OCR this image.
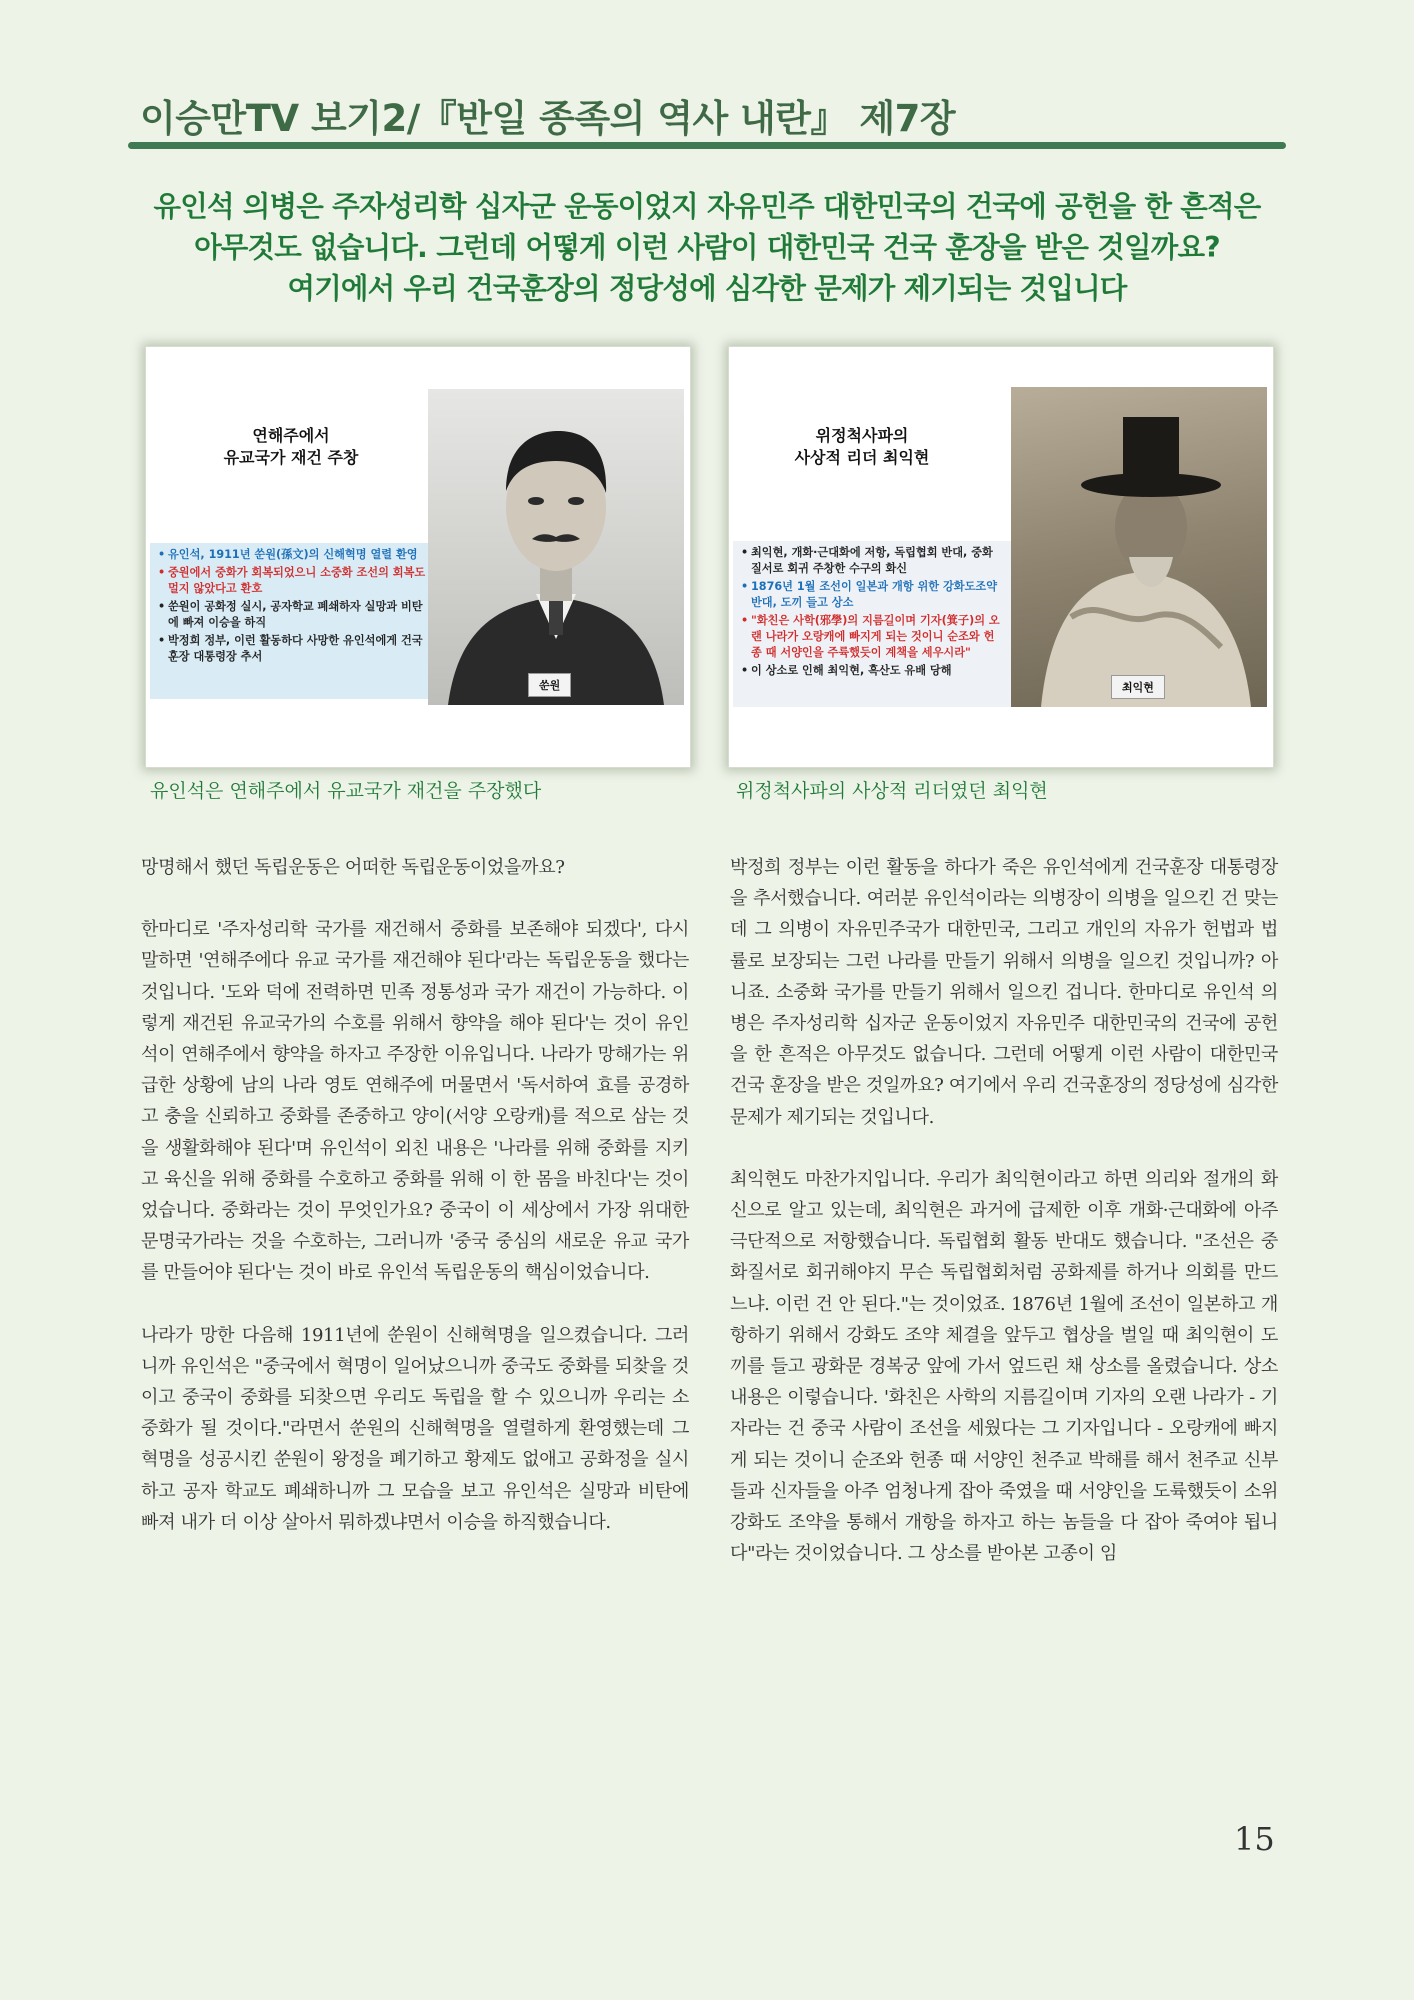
이승만TV 보기2/『반일 종족의 역사 내란』 제7장
유인석 의병은 주자성리학 십자군 운동이었지 자유민주 대한민국의 건국에 공헌을 한 흔적은
아무것도 없습니다. 그런데 어떻게 이런 사람이 대한민국 건국 훈장을 받은 것일까요?
여기에서 우리 건국훈장의 정당성에 심각한 문제가 제기되는 것입니다
연해주에서
유교국가 재건 주창
• 유인석, 1911년 쑨원(孫文)의 신해혁명 열렬 환영
• 중원에서 중화가 회복되었으니 소중화 조선의 회복도 멀지 않았다고 환호
• 쑨원이 공화정 실시, 공자학교 폐쇄하자 실망과 비탄에 빠져 이승을 하직
• 박정희 정부, 이런 활동하다 사망한 유인석에게 건국훈장 대통령장 추서
쑨원
위정척사파의
사상적 리더 최익현
• 최익현, 개화·근대화에 저항, 독립협회 반대, 중화 질서로 회귀 주창한 수구의 화신
• 1876년 1월 조선이 일본과 개항 위한 강화도조약 반대, 도끼 들고 상소
• "화친은 사학(邪學)의 지름길이며 기자(箕子)의 오랜 나라가 오랑캐에 빠지게 되는 것이니 순조와 헌종 때 서양인을 주륙했듯이 계책을 세우시라"
• 이 상소로 인해 최익현, 흑산도 유배 당해
최익현
유인석은 연해주에서 유교국가 재건을 주장했다	위정척사파의 사상적 리더였던 최익현

망명해서 했던 독립운동은 어떠한 독립운동이었을까요?

한마디로 '주자성리학 국가를 재건해서 중화를 보존해야 되겠다', 다시 말하면 '연해주에다 유교 국가를 재건해야 된다'라는 독립운동을 했다는 것입니다. '도와 덕에 전력하면 민족 정통성과 국가 재건이 가능하다. 이렇게 재건된 유교국가의 수호를 위해서 향약을 해야 된다'는 것이 유인석이 연해주에서 향약을 하자고 주장한 이유입니다. 나라가 망해가는 위급한 상황에 남의 나라 영토 연해주에 머물면서 '독서하여 효를 공경하고 충을 신뢰하고 중화를 존중하고 양이(서양 오랑캐)를 적으로 삼는 것을 생활화해야 된다'며 유인석이 외친 내용은 '나라를 위해 중화를 지키고 육신을 위해 중화를 수호하고 중화를 위해 이 한 몸을 바친다'는 것이었습니다. 중화라는 것이 무엇인가요? 중국이 이 세상에서 가장 위대한 문명국가라는 것을 수호하는, 그러니까 '중국 중심의 새로운 유교 국가를 만들어야 된다'는 것이 바로 유인석 독립운동의 핵심이었습니다.

나라가 망한 다음해 1911년에 쑨원이 신해혁명을 일으켰습니다. 그러니까 유인석은 "중국에서 혁명이 일어났으니까 중국도 중화를 되찾을 것이고 중국이 중화를 되찾으면 우리도 독립을 할 수 있으니까 우리는 소중화가 될 것이다."라면서 쑨원의 신해혁명을 열렬하게 환영했는데 그 혁명을 성공시킨 쑨원이 왕정을 폐기하고 황제도 없애고 공화정을 실시하고 공자 학교도 폐쇄하니까 그 모습을 보고 유인석은 실망과 비탄에 빠져 내가 더 이상 살아서 뭐하겠냐면서 이승을 하직했습니다.

박정희 정부는 이런 활동을 하다가 죽은 유인석에게 건국훈장 대통령장을 추서했습니다. 여러분 유인석이라는 의병장이 의병을 일으킨 건 맞는데 그 의병이 자유민주국가 대한민국, 그리고 개인의 자유가 헌법과 법률로 보장되는 그런 나라를 만들기 위해서 의병을 일으킨 것입니까? 아니죠. 소중화 국가를 만들기 위해서 일으킨 겁니다. 한마디로 유인석 의병은 주자성리학 십자군 운동이었지 자유민주 대한민국의 건국에 공헌을 한 흔적은 아무것도 없습니다. 그런데 어떻게 이런 사람이 대한민국 건국 훈장을 받은 것일까요? 여기에서 우리 건국훈장의 정당성에 심각한 문제가 제기되는 것입니다.

최익현도 마찬가지입니다. 우리가 최익현이라고 하면 의리와 절개의 화신으로 알고 있는데, 최익현은 과거에 급제한 이후 개화·근대화에 아주 극단적으로 저항했습니다. 독립협회 활동 반대도 했습니다. "조선은 중화질서로 회귀해야지 무슨 독립협회처럼 공화제를 하거나 의회를 만드느냐. 이런 건 안 된다."는 것이었죠. 1876년 1월에 조선이 일본하고 개항하기 위해서 강화도 조약 체결을 앞두고 협상을 벌일 때 최익현이 도끼를 들고 광화문 경복궁 앞에 가서 엎드린 채 상소를 올렸습니다. 상소 내용은 이렇습니다. '화친은 사학의 지름길이며 기자의 오랜 나라가 - 기자라는 건 중국 사람이 조선을 세웠다는 그 기자입니다 - 오랑캐에 빠지게 되는 것이니 순조와 헌종 때 서양인 천주교 박해를 해서 천주교 신부들과 신자들을 아주 엄청나게 잡아 죽였을 때 서양인을 도륙했듯이 소위 강화도 조약을 통해서 개항을 하자고 하는 놈들을 다 잡아 죽여야 됩니다"라는 것이었습니다. 그 상소를 받아본 고종이 임

15
